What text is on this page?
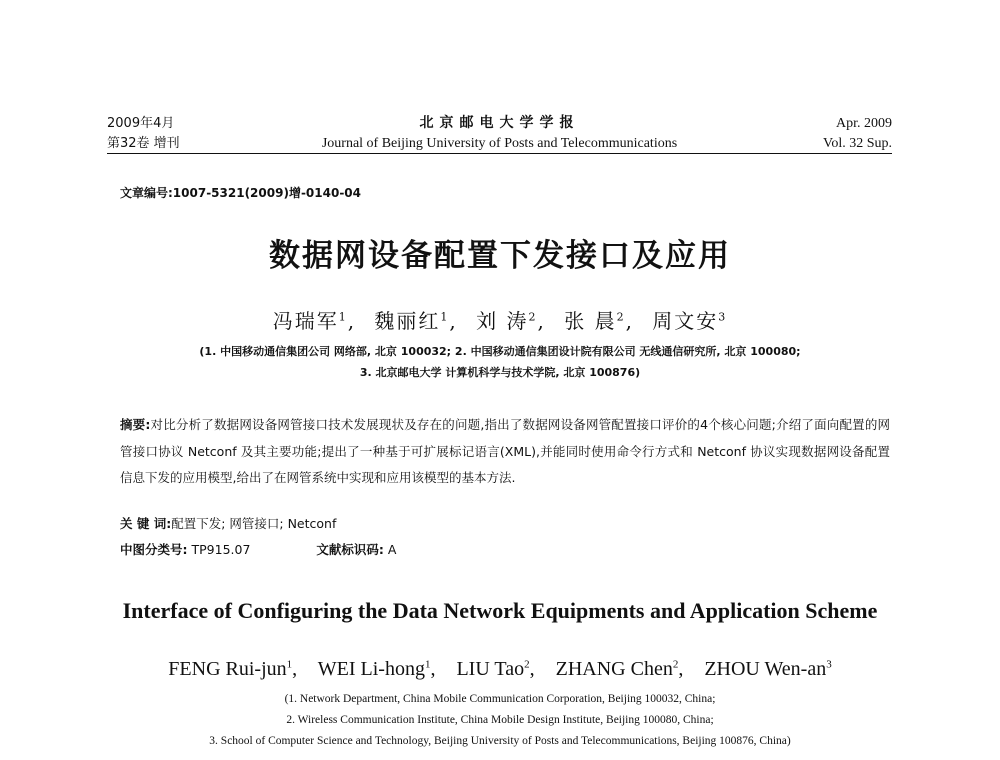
2009年4月	北京邮电大学学报	Apr. 2009
第32卷 增刊	Journal of Beijing University of Posts and Telecommunications	Vol. 32 Sup.
文章编号:1007-5321(2009)增-0140-04
数据网设备配置下发接口及应用
冯瑞军$^1$, 魏丽红$^1$, 刘 涛$^2$, 张 晨$^2$, 周文安$^3$
(1. 中国移动通信集团公司 网络部, 北京 100032; 2. 中国移动通信集团设计院有限公司 无线通信研究所, 北京 100080;
3. 北京邮电大学 计算机科学与技术学院, 北京 100876)
摘要:对比分析了数据网设备网管接口技术发展现状及存在的问题,指出了数据网设备网管配置接口评价的4个核心问题;介绍了面向配置的网管接口协议 Netconf 及其主要功能;提出了一种基于可扩展标记语言(XML),并能同时使用命令行方式和 Netconf 协议实现数据网设备配置信息下发的应用模型,给出了在网管系统中实现和应用该模型的基本方法.
关 键 词:配置下发; 网管接口; Netconf
中图分类号: TP915.07	文献标识码: A
Interface of Configuring the Data Network Equipments and Application Scheme
FENG Rui-jun$^1$, WEI Li-hong$^1$, LIU Tao$^2$, ZHANG Chen$^2$, ZHOU Wen-$an^3$
(1. Network Department, China Mobile Communication Corporation, Beijing 100032, China;
2. Wireless Communication Institute, China Mobile Design Institute, Beijing 100080, China;
3. School of Computer Science and Technology, Beijing University of Posts and Telecommunications, Beijing 100876, China)
